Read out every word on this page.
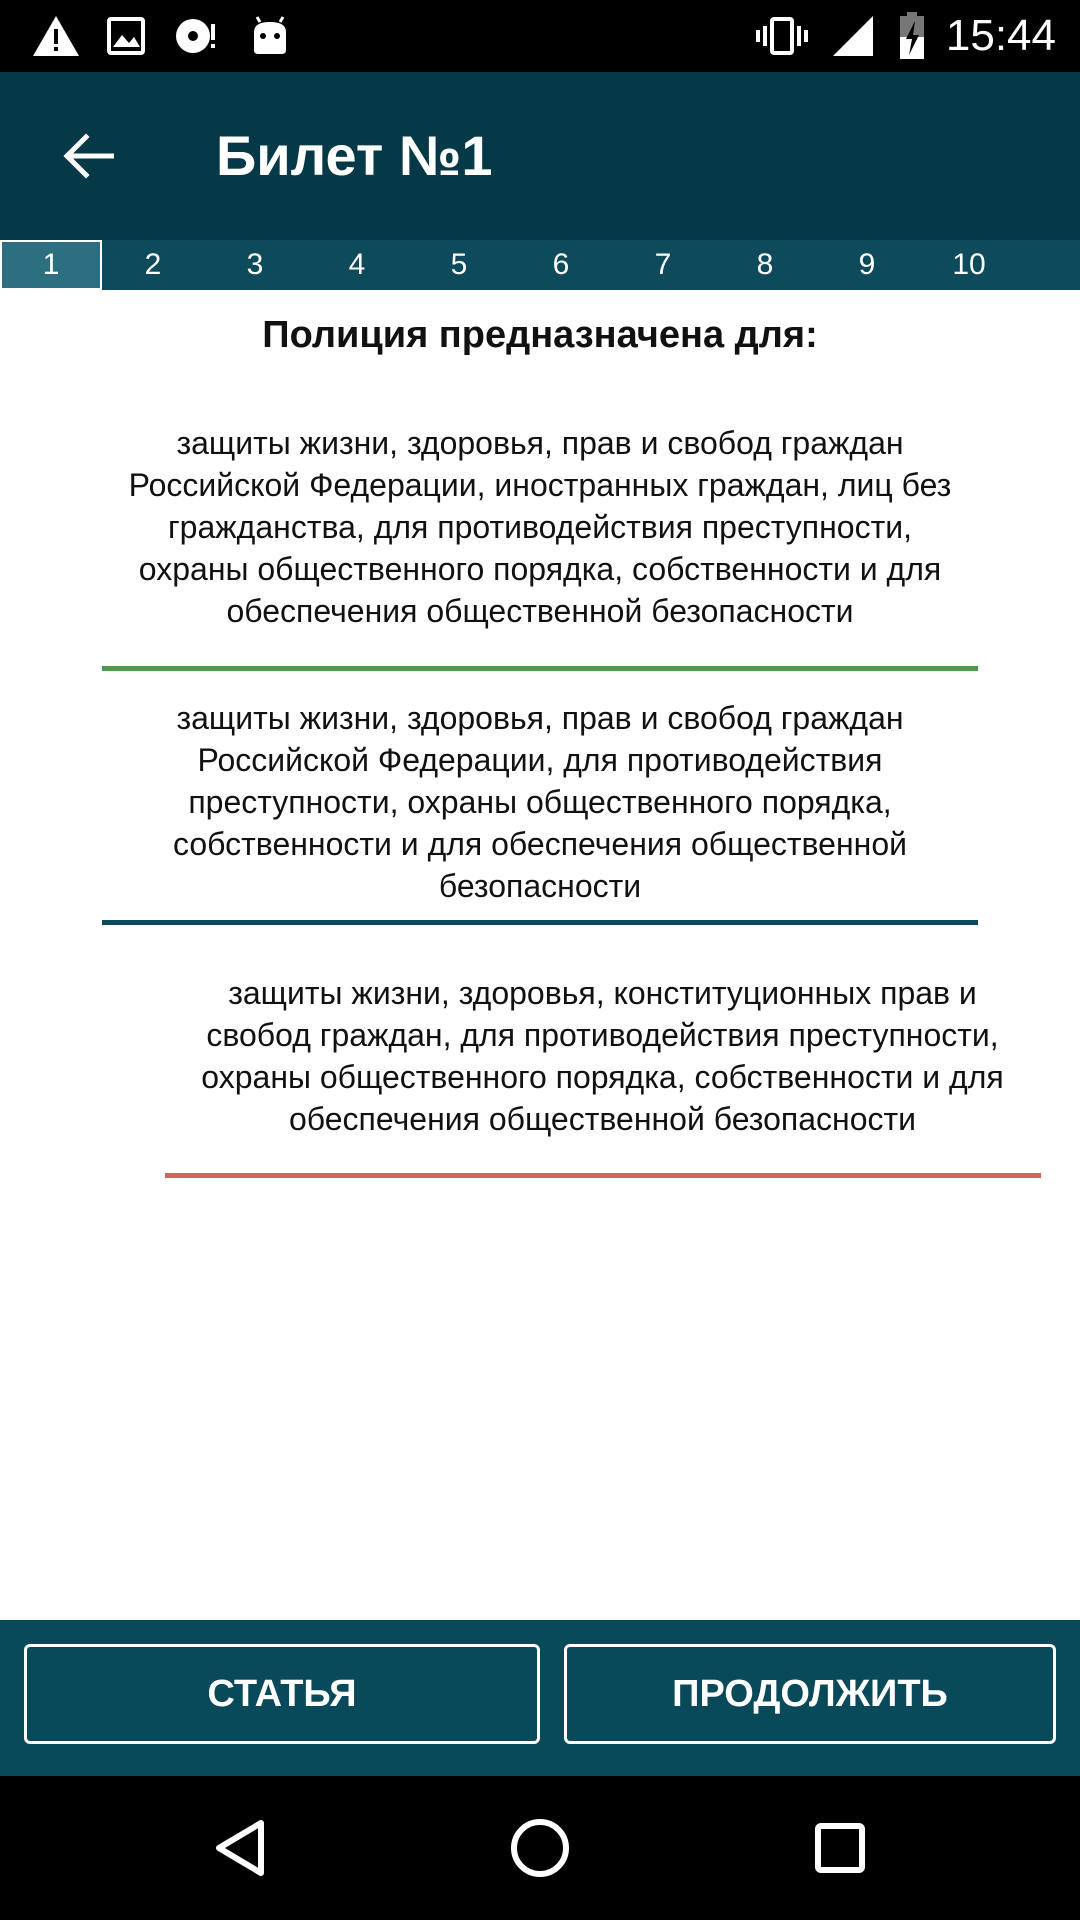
15:44
Билет №1
1	2	3	4	5	6	7	8	9	10
Полиция предназначена для:
защиты жизни, здоровья, прав и свобод граждан Российской Федерации, иностранных граждан, лиц без гражданства, для противодействия преступности, охраны общественного порядка, собственности и для обеспечения общественной безопасности
защиты жизни, здоровья, прав и свобод граждан Российской Федерации, для противодействия преступности, охраны общественного порядка, собственности и для обеспечения общественной безопасности
защиты жизни, здоровья, конституционных прав и свобод граждан, для противодействия преступности, охраны общественного порядка, собственности и для обеспечения общественной безопасности
СТАТЬЯ	ПРОДОЛЖИТЬ
